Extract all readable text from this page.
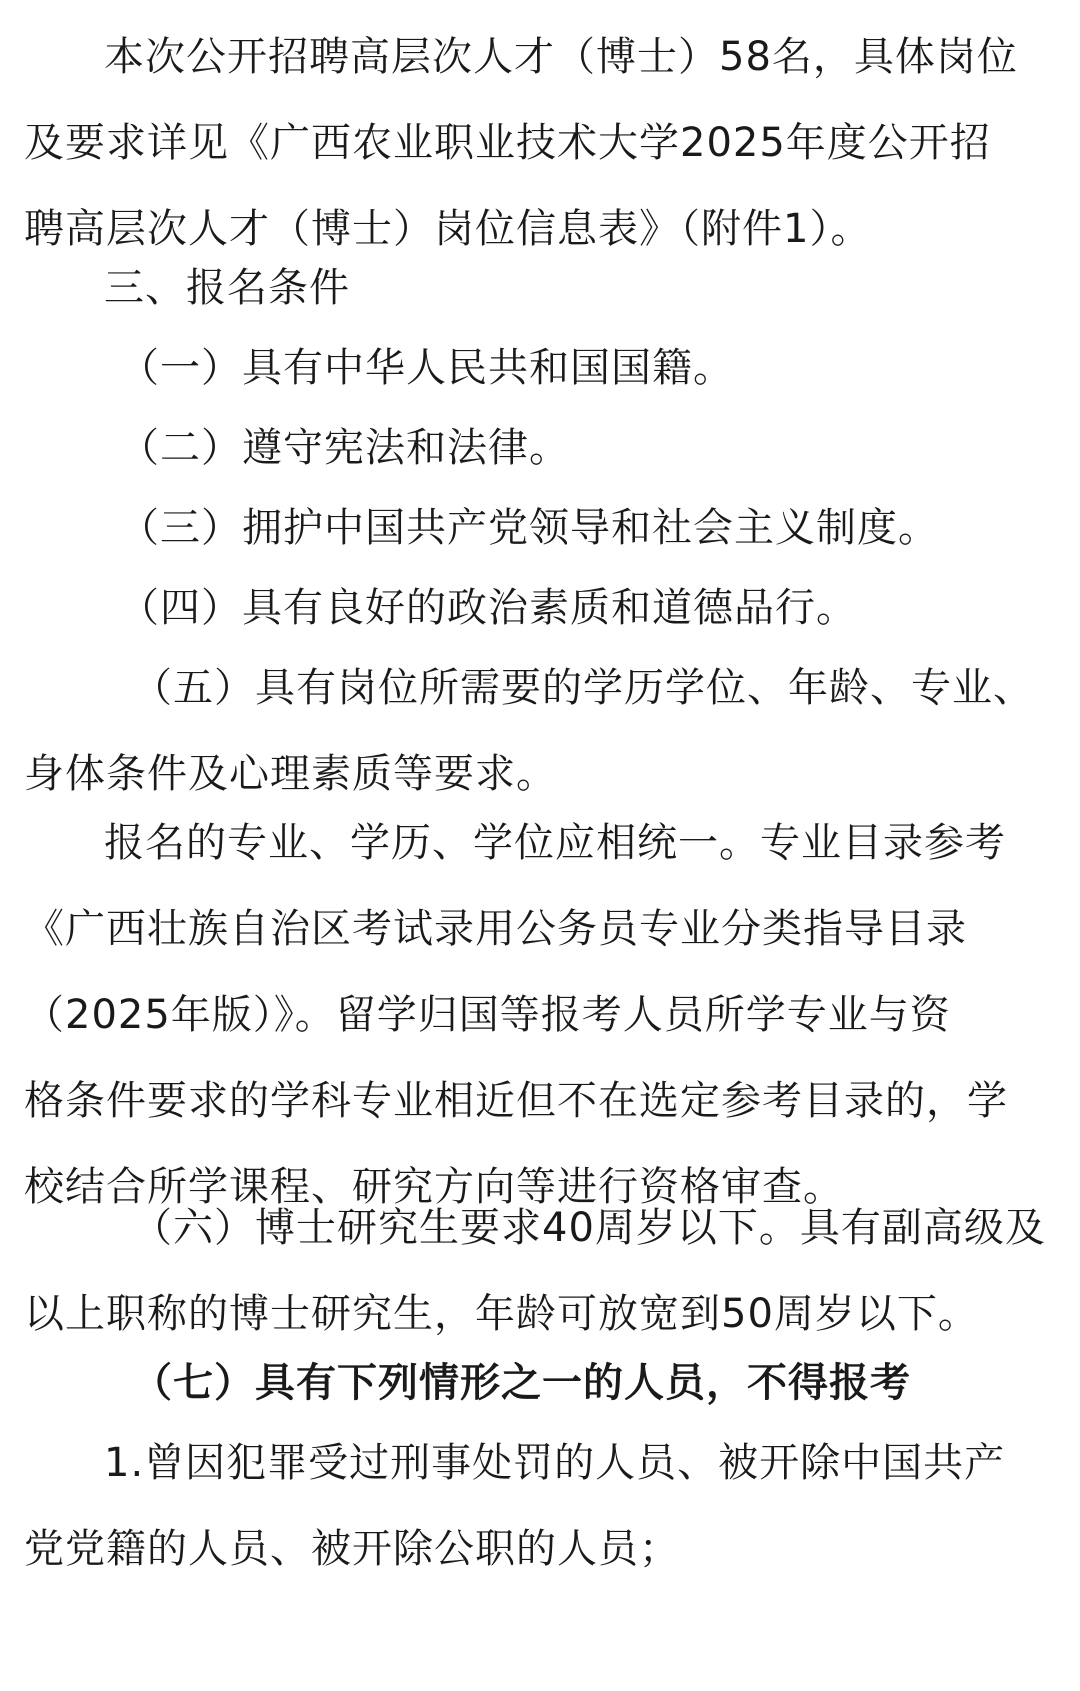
本次公开招聘高层次人才（博士）58名，具体岗位
及要求详见《广西农业职业技术大学2025年度公开招
聘高层次人才（博士）岗位信息表》（附件1）。

三、报名条件

（一）具有中华人民共和国国籍。

（二）遵守宪法和法律。

（三）拥护中国共产党领导和社会主义制度。

（四）具有良好的政治素质和道德品行。

（五）具有岗位所需要的学历学位、年龄、专业、
身体条件及心理素质等要求。

报名的专业、学历、学位应相统一。专业目录参考
《广西壮族自治区考试录用公务员专业分类指导目录
（2025年版）》。留学归国等报考人员所学专业与资
格条件要求的学科专业相近但不在选定参考目录的，学
校结合所学课程、研究方向等进行资格审查。

（六）博士研究生要求40周岁以下。具有副高级及
以上职称的博士研究生，年龄可放宽到50周岁以下。

（七）具有下列情形之一的人员，不得报考

1.曾因犯罪受过刑事处罚的人员、被开除中国共产
党党籍的人员、被开除公职的人员；
